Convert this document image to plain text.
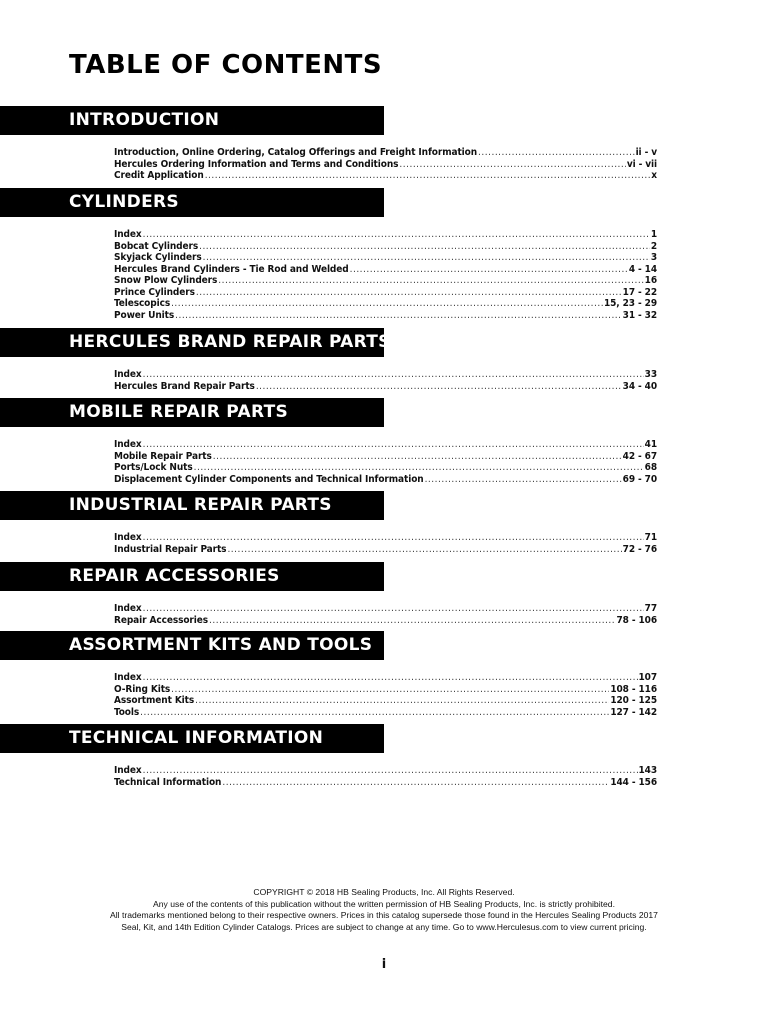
TABLE OF CONTENTS
INTRODUCTION
Introduction, Online Ordering, Catalog Offerings and Freight Information .....	ii - v
Hercules Ordering Information and Terms and Conditions .....	vi - vii
Credit Application .....	x
CYLINDERS
Index .....	1
Bobcat Cylinders .....	2
Skyjack Cylinders .....	3
Hercules Brand Cylinders - Tie Rod and Welded .....	4 - 14
Snow Plow Cylinders .....	16
Prince Cylinders .....	17 - 22
Telescopics .....	15, 23 - 29
Power Units .....	31 - 32
HERCULES BRAND REPAIR PARTS
Index .....	33
Hercules Brand Repair Parts .....	34 - 40
MOBILE REPAIR PARTS
Index .....	41
Mobile Repair Parts .....	42 - 67
Ports/Lock Nuts .....	68
Displacement Cylinder Components and Technical Information .....	69 - 70
INDUSTRIAL REPAIR PARTS
Index .....	71
Industrial Repair Parts .....	72 - 76
REPAIR ACCESSORIES
Index .....	77
Repair Accessories .....	78 - 106
ASSORTMENT KITS AND TOOLS
Index .....	107
O-Ring Kits .....	108 - 116
Assortment Kits .....	120 - 125
Tools .....	127 - 142
TECHNICAL INFORMATION
Index .....	143
Technical Information .....	144 - 156
COPYRIGHT © 2018 HB Sealing Products, Inc. All Rights Reserved.
Any use of the contents of this publication without the written permission of HB Sealing Products, Inc. is strictly prohibited.
All trademarks mentioned belong to their respective owners. Prices in this catalog supersede those found in the Hercules Sealing Products 2017
Seal, Kit, and 14th Edition Cylinder Catalogs. Prices are subject to change at any time. Go to www.Herculesus.com to view current pricing.
i
